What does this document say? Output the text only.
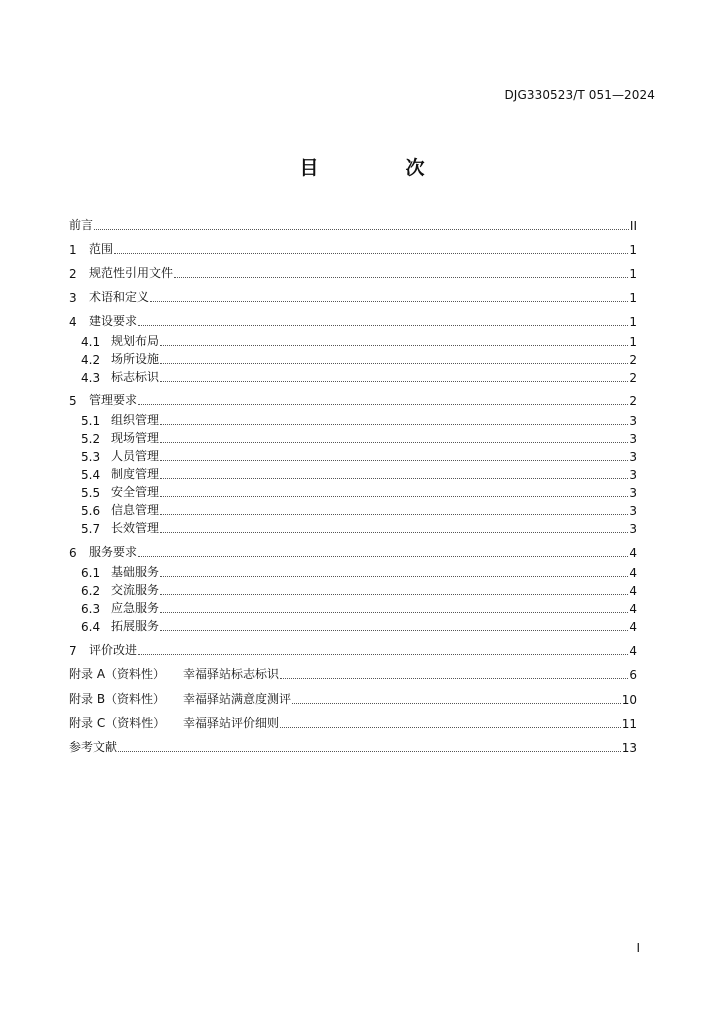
DJG330523/T 051—2024
目　次
前言	II
1	范围	1
2	规范性引用文件	1
3	术语和定义	1
4	建设要求	1
4.1 规划布局	1
4.2 场所设施	2
4.3 标志标识	2
5	管理要求	2
5.1 组织管理	3
5.2 现场管理	3
5.3 人员管理	3
5.4 制度管理	3
5.5 安全管理	3
5.6 信息管理	3
5.7 长效管理	3
6	服务要求	4
6.1 基础服务	4
6.2 交流服务	4
6.3 应急服务	4
6.4 拓展服务	4
7	评价改进	4
附录 A（资料性）	幸福驿站标志标识	6
附录 B（资料性）	幸福驿站满意度测评	10
附录 C（资料性）	幸福驿站评价细则	11
参考文献	13
I
